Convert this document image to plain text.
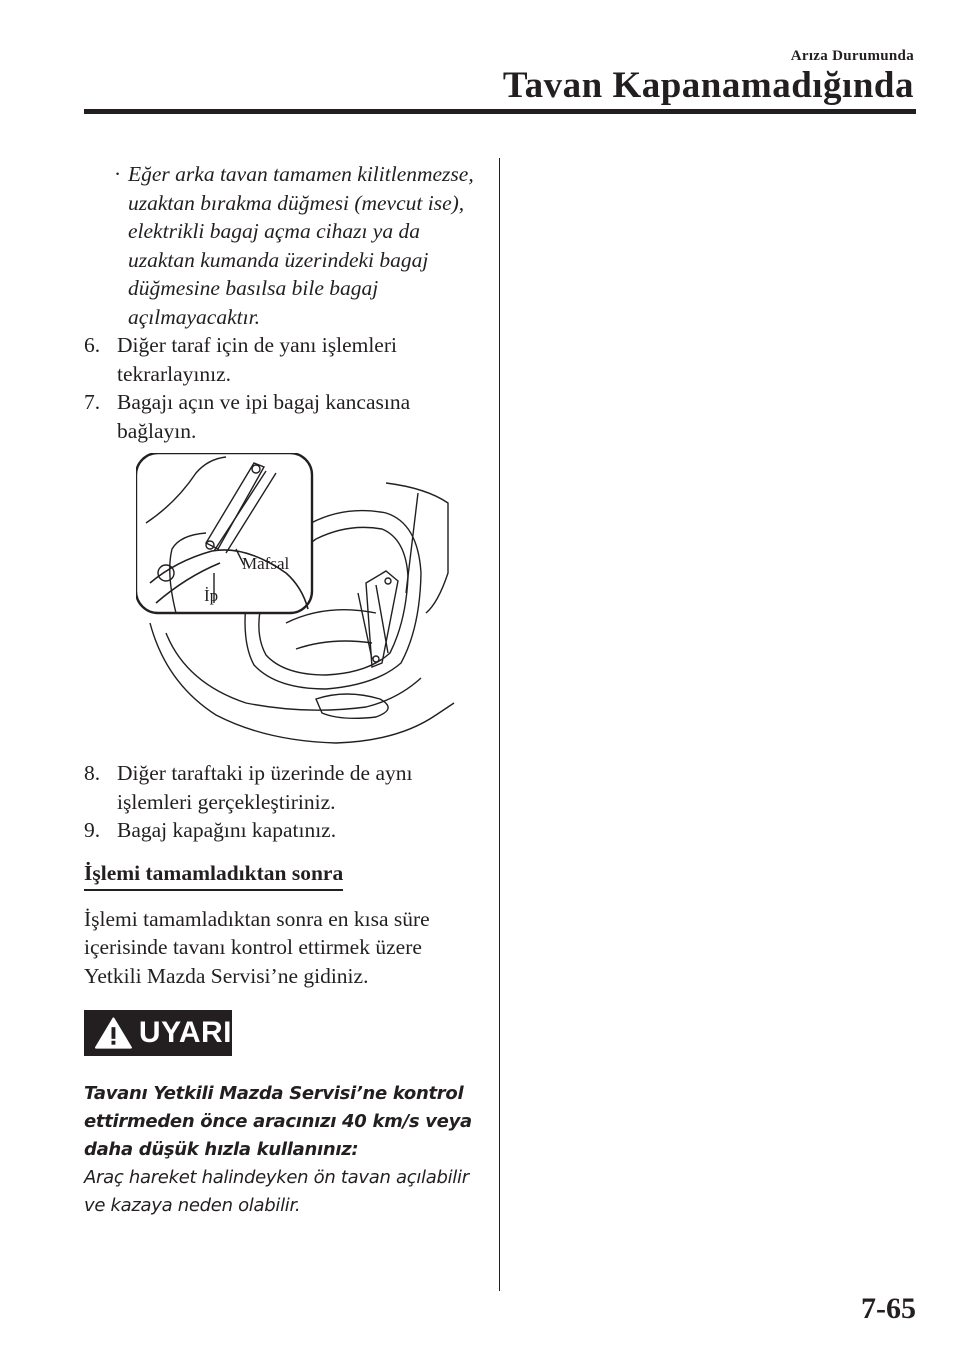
Arıza Durumunda
Tavan Kapanamadığında
· Eğer arka tavan tamamen kilitlenmezse, uzaktan bırakma düğmesi (mevcut ise), elektrikli bagaj açma cihazı ya da uzaktan kumanda üzerindeki bagaj düğmesine basılsa bile bagaj açılmayacaktır.
6. Diğer taraf için de yanı işlemleri tekrarlayınız.
7. Bagajı açın ve ipi bagaj kancasına bağlayın.
Mafsal
İp
8. Diğer taraftaki ip üzerinde de aynı işlemleri gerçekleştiriniz.
9. Bagaj kapağını kapatınız.
İşlemi tamamladıktan sonra
İşlemi tamamladıktan sonra en kısa süre içerisinde tavanı kontrol ettirmek üzere Yetkili Mazda Servisi’ne gidiniz.
UYARI
Tavanı Yetkili Mazda Servisi’ne kontrol ettirmeden önce aracınızı 40 km/s veya daha düşük hızla kullanınız:
Araç hareket halindeyken ön tavan açılabilir ve kazaya neden olabilir.
7-65
